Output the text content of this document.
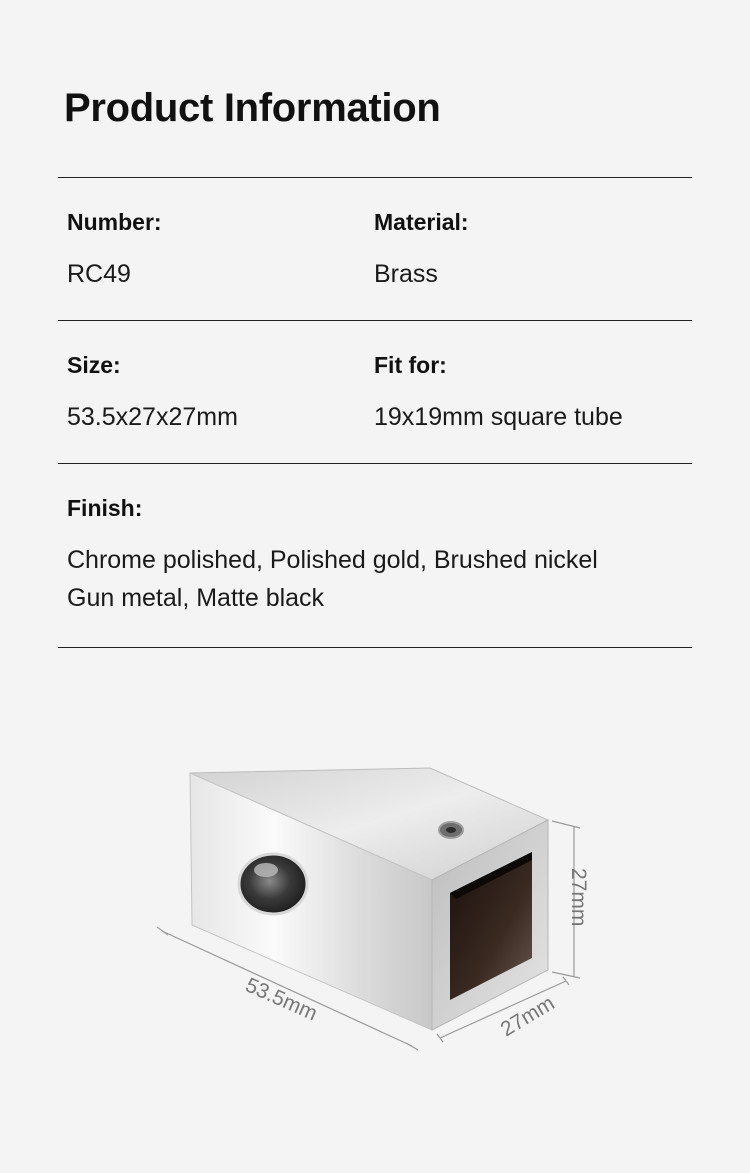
Product Information
Number:	Material:
RC49	Brass
Size:	Fit for:
53.5x27x27mm	19x19mm square tube
Finish:
Chrome polished, Polished gold, Brushed nickel
Gun metal, Matte black
53.5mm
27mm
27mm
